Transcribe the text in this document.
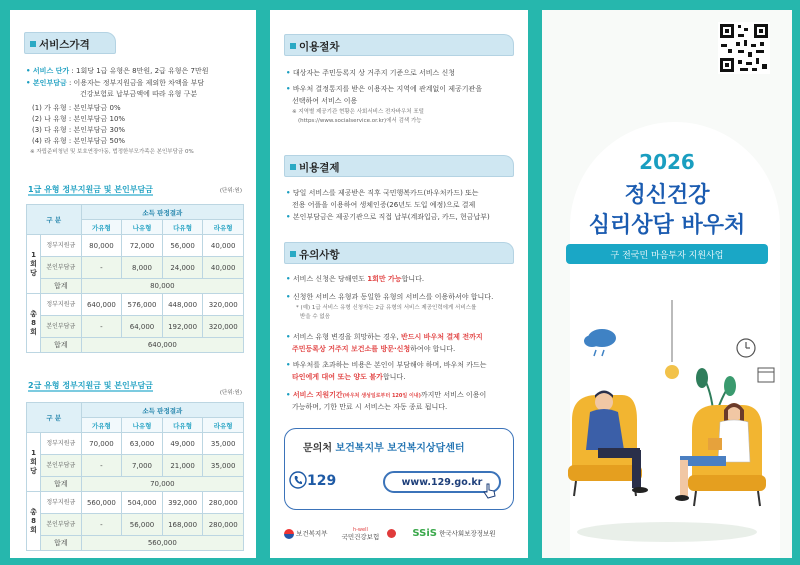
서비스가격
• 서비스 단가 : 1회당 1급 유형은 8만원, 2급 유형은 7만원
• 본인부담금 : 이용자는 정부지원금을 제외한 차액을 부담
건강보험료 납부금액에 따라 유형 구분
(1) 가 유형 : 본인부담금 0%
(2) 나 유형 : 본인부담금 10%
(3) 다 유형 : 본인부담금 30%
(4) 라 유형 : 본인부담금 50%
※ 자립준비청년 및 보호연장아동, 법정한부모가족은 본인부담금 0%
1급 유형 정부지원금 및 본인부담금	(단위:원)
구 분		소득 판정결과			
		가유형	나유형	다유형	라유형
1회당	정부지원금	80,000	72,000	56,000	40,000
	본인부담금	-	8,000	24,000	40,000
	합계	80,000			
총8회	정부지원금	640,000	576,000	448,000	320,000
	본인부담금	-	64,000	192,000	320,000
	합계	640,000			
2급 유형 정부지원금 및 본인부담금
(단위:원)
구 분		소득 판정결과			
		가유형	나유형	다유형	라유형
1회당	정부지원금	70,000	63,000	49,000	35,000
	본인부담금	-	7,000	21,000	35,000
	합계	70,000			
총8회	정부지원금	560,000	504,000	392,000	280,000
	본인부담금	-	56,000	168,000	280,000
	합계	560,000			
이용절차
• 대상자는 주민등록지 상 거주지 기준으로 서비스 신청
• 바우처 결정통지를 받은 이용자는 지역에 관계없이 제공기관을
선택하여 서비스 이용
※ 지역별 제공기관 현황은 사회서비스 전자바우처 포털
(https://www.socialservice.or.kr)에서 검색 가능
비용결제
• 당일 서비스를 제공받은 직후 국민행복카드(바우처카드) 또는
전용 어플을 이용하여 생체인증(26년도 도입 예정)으로 결제
• 본인부담금은 제공기관으로 직접 납부(계좌입금, 카드, 현금납부)
유의사항
• 서비스 신청은 당해연도 1회만 가능합니다.
• 신청한 서비스 유형과 동일한 유형의 서비스를 이용하셔야 합니다.
* (예) 1급 서비스 유형 신청자는 2급 유형의 서비스 제공인력에게 서비스를
받을 수 없음
• 서비스 유형 변경을 희망하는 경우, 반드시 바우처 결제 전까지
주민등록상 거주지 보건소를 방문·신청하여야 합니다.
• 바우처를 초과하는 비용은 본인이 부담해야 하며, 바우처 카드는
타인에게 대여 또는 양도 불가합니다.
• 서비스 지원기간(바우처 생성일로부터 120일 이내)까지만 서비스 이용이
가능하며, 기한 만료 시 서비스는 자동 종료 됩니다.
문의처 보건복지부 보건복지상담센터
129	www.129.go.kr
보건복지부	h-well
국민건강보험	SSiS 한국사회보장정보원
2026
정신건강
심리상담 바우처
구 전국민 마음투자 지원사업
